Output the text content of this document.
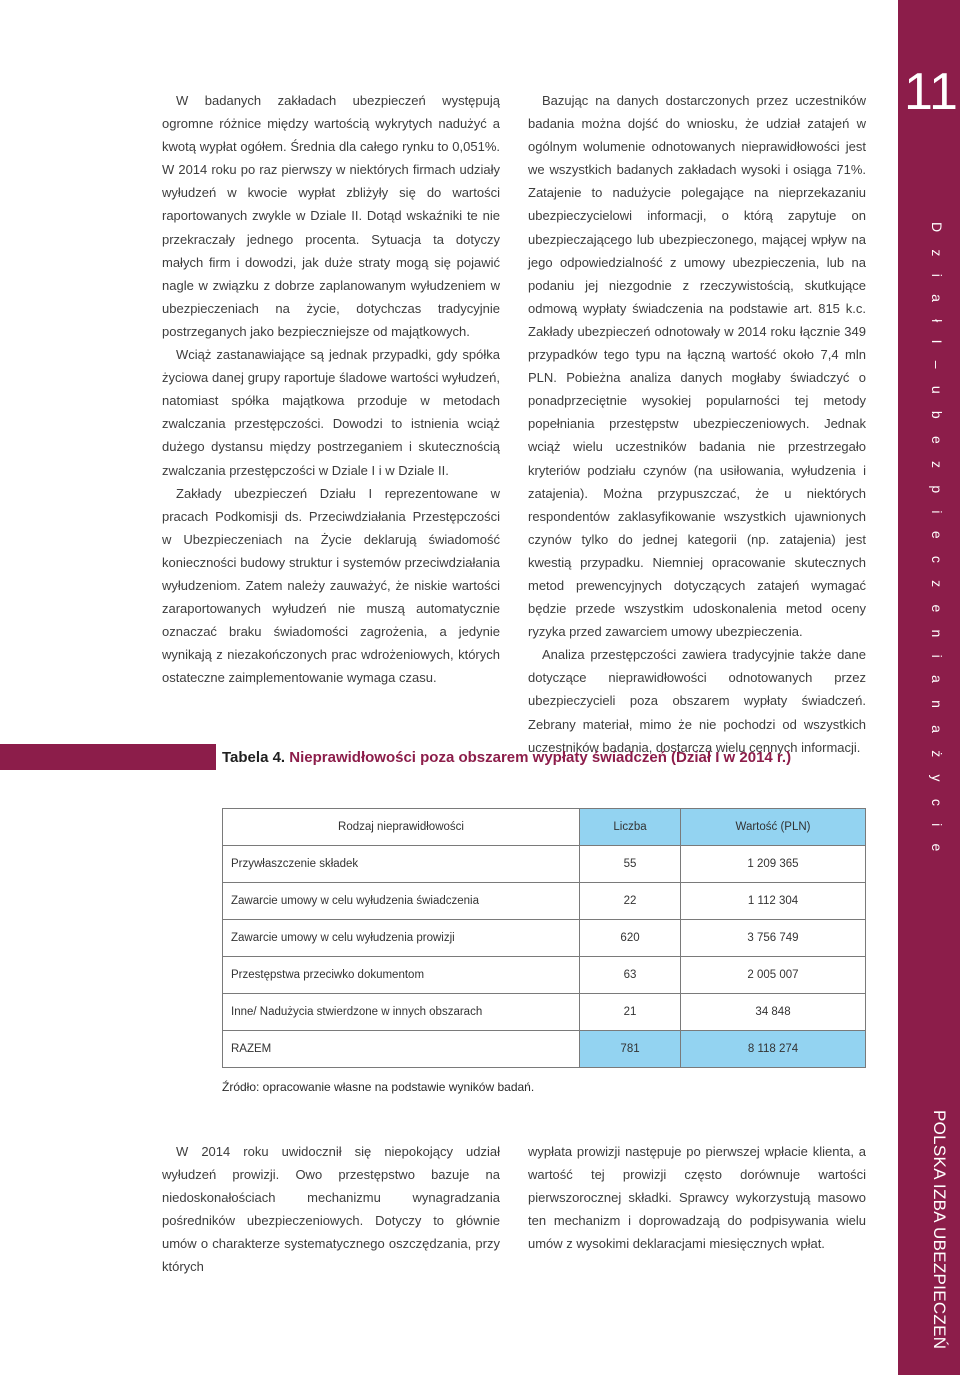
11
D z i a ł I – u b e z p i e c z e n i a n a ż y c i e
POLSKA IZBA UBEZPIECZEŃ

W badanych zakładach ubezpieczeń występują ogromne różnice między wartością wykrytych nadużyć a kwotą wypłat ogółem. Średnia dla całego rynku to 0,051%. W 2014 roku po raz pierwszy w niektórych firmach udziały wyłudzeń w kwocie wypłat zbliżyły się do wartości raportowanych zwykle w Dziale II. Dotąd wskaźniki te nie przekraczały jednego procenta. Sytuacja ta dotyczy małych firm i dowodzi, jak duże straty mogą się pojawić nagle w związku z dobrze zaplanowanym wyłudzeniem w ubezpieczeniach na życie, dotychczas tradycyjnie postrzeganych jako bezpieczniejsze od majątkowych.

Wciąż zastanawiające są jednak przypadki, gdy spółka życiowa danej grupy raportuje śladowe wartości wyłudzeń, natomiast spółka majątkowa przoduje w metodach zwalczania przestępczości. Dowodzi to istnienia wciąż dużego dystansu między postrzeganiem i skutecznością zwalczania przestępczości w Dziale I i w Dziale II.

Zakłady ubezpieczeń Działu I reprezentowane w pracach Podkomisji ds. Przeciwdziałania Przestępczości w Ubezpieczeniach na Życie deklarują świadomość konieczności budowy struktur i systemów przeciwdziałania wyłudzeniom. Zatem należy zauważyć, że niskie wartości zaraportowanych wyłudzeń nie muszą automatycznie oznaczać braku świadomości zagrożenia, a jedynie wynikają z niezakończonych prac wdrożeniowych, których ostateczne zaimplementowanie wymaga czasu.

Bazując na danych dostarczonych przez uczestników badania można dojść do wniosku, że udział zatajeń w ogólnym wolumenie odnotowanych nieprawidłowości jest we wszystkich badanych zakładach wysoki i osiąga 71%. Zatajenie to nadużycie polegające na nieprzekazaniu ubezpieczycielowi informacji, o którą zapytuje on ubezpieczającego lub ubezpieczonego, mającej wpływ na jego odpowiedzialność z umowy ubezpieczenia, lub na podaniu jej niezgodnie z rzeczywistością, skutkujące odmową wypłaty świadczenia na podstawie art. 815 k.c. Zakłady ubezpieczeń odnotowały w 2014 roku łącznie 349 przypadków tego typu na łączną wartość około 7,4 mln PLN. Pobieżna analiza danych mogłaby świadczyć o ponadprzeciętnie wysokiej popularności tej metody popełniania przestępstw ubezpieczeniowych. Jednak wciąż wielu uczestników badania nie przestrzegało kryteriów podziału czynów (na usiłowania, wyłudzenia i zatajenia). Można przypuszczać, że u niektórych respondentów zaklasyfikowanie wszystkich ujawnionych czynów tylko do jednej kategorii (np. zatajenia) jest kwestią przypadku. Niemniej opracowanie skutecznych metod prewencyjnych dotyczących zatajeń wymagać będzie przede wszystkim udoskonalenia metod oceny ryzyka przed zawarciem umowy ubezpieczenia.

Analiza przestępczości zawiera tradycyjnie także dane dotyczące nieprawidłowości odnotowanych przez ubezpieczycieli poza obszarem wypłaty świadczeń. Zebrany materiał, mimo że nie pochodzi od wszystkich uczestników badania, dostarcza wielu cennych informacji.

Tabela 4. Nieprawidłowości poza obszarem wypłaty świadczeń (Dział I w 2014 r.)
Rodzaj nieprawidłowości	Liczba	Wartość (PLN)
Przywłaszczenie składek	55	1 209 365
Zawarcie umowy w celu wyłudzenia świadczenia	22	1 112 304
Zawarcie umowy w celu wyłudzenia prowizji	620	3 756 749
Przestępstwa przeciwko dokumentom	63	2 005 007
Inne/ Nadużycia stwierdzone w innych obszarach	21	34 848
RAZEM	781	8 118 274
Źródło: opracowanie własne na podstawie wyników badań.

W 2014 roku uwidocznił się niepokojący udział wyłudzeń prowizji. Owo przestępstwo bazuje na niedoskonałościach mechanizmu wynagradzania pośredników ubezpieczeniowych. Dotyczy to głównie umów o charakterze systematycznego oszczędzania, przy których

wypłata prowizji następuje po pierwszej wpłacie klienta, a wartość tej prowizji często dorównuje wartości pierwszorocznej składki. Sprawcy wykorzystują masowo ten mechanizm i doprowadzają do podpisywania wielu umów z wysokimi deklaracjami miesięcznych wpłat.
